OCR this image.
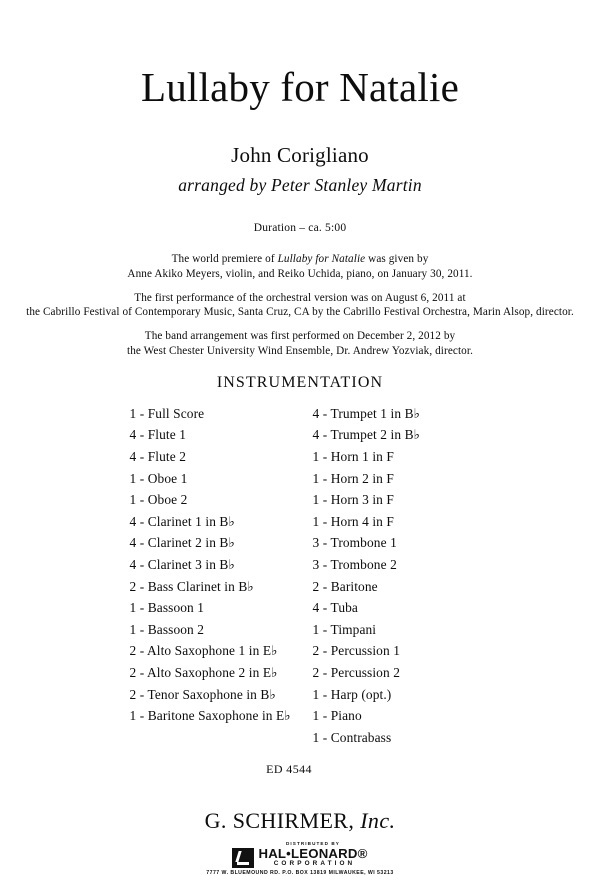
Lullaby for Natalie
John Corigliano
arranged by Peter Stanley Martin
Duration – ca. 5:00
The world premiere of Lullaby for Natalie was given by
Anne Akiko Meyers, violin, and Reiko Uchida, piano, on January 30, 2011.
The first performance of the orchestral version was on August 6, 2011 at
the Cabrillo Festival of Contemporary Music, Santa Cruz, CA by the Cabrillo Festival Orchestra, Marin Alsop, director.
The band arrangement was first performed on December 2, 2012 by
the West Chester University Wind Ensemble, Dr. Andrew Yozviak, director.
INSTRUMENTATION
1 - Full Score
4 - Flute 1
4 - Flute 2
1 - Oboe 1
1 - Oboe 2
4 - Clarinet 1 in B♭
4 - Clarinet 2 in B♭
4 - Clarinet 3 in B♭
2 - Bass Clarinet in B♭
1 - Bassoon 1
1 - Bassoon 2
2 - Alto Saxophone 1 in E♭
2 - Alto Saxophone 2 in E♭
2 - Tenor Saxophone in B♭
1 - Baritone Saxophone in E♭
4 - Trumpet 1 in B♭
4 - Trumpet 2 in B♭
1 - Horn 1 in F
1 - Horn 2 in F
1 - Horn 3 in F
1 - Horn 4 in F
3 - Trombone 1
3 - Trombone 2
2 - Baritone
4 - Tuba
1 - Timpani
2 - Percussion 1
2 - Percussion 2
1 - Harp (opt.)
1 - Piano
1 - Contrabass
ED 4544
G. SCHIRMER, Inc.
DISTRIBUTED BY
HAL•LEONARD®
CORPORATION
7777 W. BLUEMOUND RD. P.O. BOX 13819 MILWAUKEE, WI 53213
